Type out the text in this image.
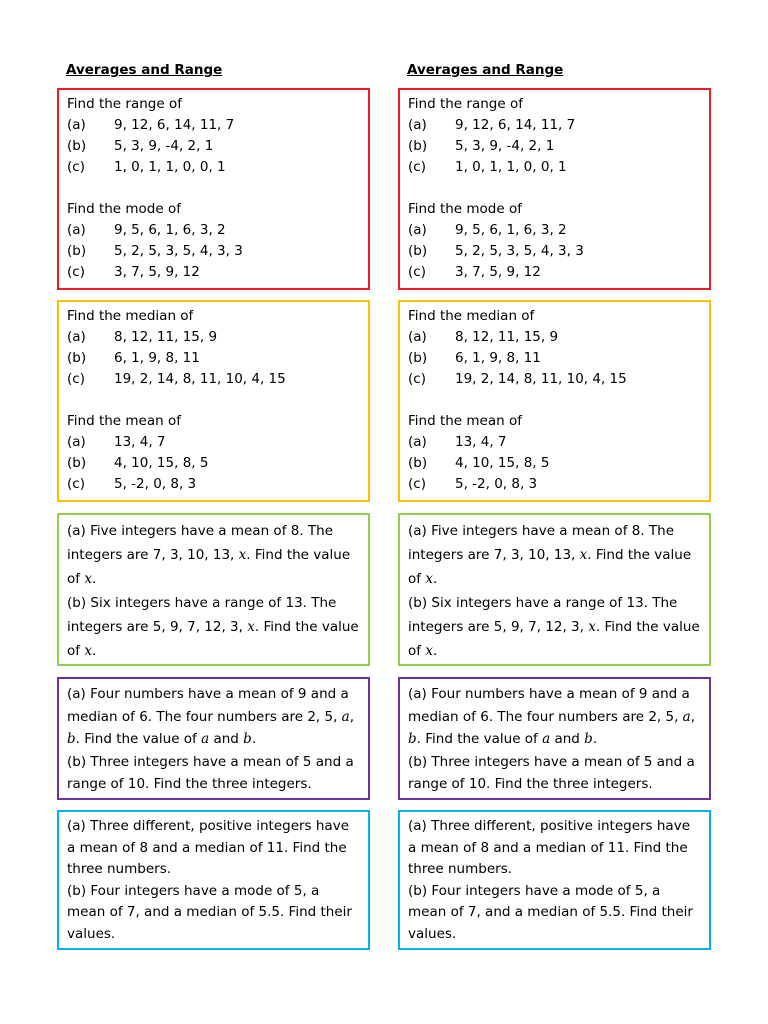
Averages and Range
Find the range of
(a) 9, 12, 6, 14, 11, 7
(b) 5, 3, 9, -4, 2, 1
(c) 1, 0, 1, 1, 0, 0, 1
Find the mode of
(a) 9, 5, 6, 1, 6, 3, 2
(b) 5, 2, 5, 3, 5, 4, 3, 3
(c) 3, 7, 5, 9, 12
Find the median of
(a) 8, 12, 11, 15, 9
(b) 6, 1, 9, 8, 11
(c) 19, 2, 14, 8, 11, 10, 4, 15
Find the mean of
(a) 13, 4, 7
(b) 4, 10, 15, 8, 5
(c) 5, -2, 0, 8, 3
(a) Five integers have a mean of 8. The integers are 7, 3, 10, 13, x. Find the value of x.
(b) Six integers have a range of 13. The integers are 5, 9, 7, 12, 3, x. Find the value of x.
(a) Four numbers have a mean of 9 and a median of 6. The four numbers are 2, 5, a, b. Find the value of a and b.
(b) Three integers have a mean of 5 and a range of 10. Find the three integers.
(a) Three different, positive integers have a mean of 8 and a median of 11. Find the three numbers.
(b) Four integers have a mode of 5, a mean of 7, and a median of 5.5. Find their values.
Averages and Range
Find the range of
(a) 9, 12, 6, 14, 11, 7
(b) 5, 3, 9, -4, 2, 1
(c) 1, 0, 1, 1, 0, 0, 1
Find the mode of
(a) 9, 5, 6, 1, 6, 3, 2
(b) 5, 2, 5, 3, 5, 4, 3, 3
(c) 3, 7, 5, 9, 12
Find the median of
(a) 8, 12, 11, 15, 9
(b) 6, 1, 9, 8, 11
(c) 19, 2, 14, 8, 11, 10, 4, 15
Find the mean of
(a) 13, 4, 7
(b) 4, 10, 15, 8, 5
(c) 5, -2, 0, 8, 3
(a) Five integers have a mean of 8. The integers are 7, 3, 10, 13, x. Find the value of x.
(b) Six integers have a range of 13. The integers are 5, 9, 7, 12, 3, x. Find the value of x.
(a) Four numbers have a mean of 9 and a median of 6. The four numbers are 2, 5, a, b. Find the value of a and b.
(b) Three integers have a mean of 5 and a range of 10. Find the three integers.
(a) Three different, positive integers have a mean of 8 and a median of 11. Find the three numbers.
(b) Four integers have a mode of 5, a mean of 7, and a median of 5.5. Find their values.
